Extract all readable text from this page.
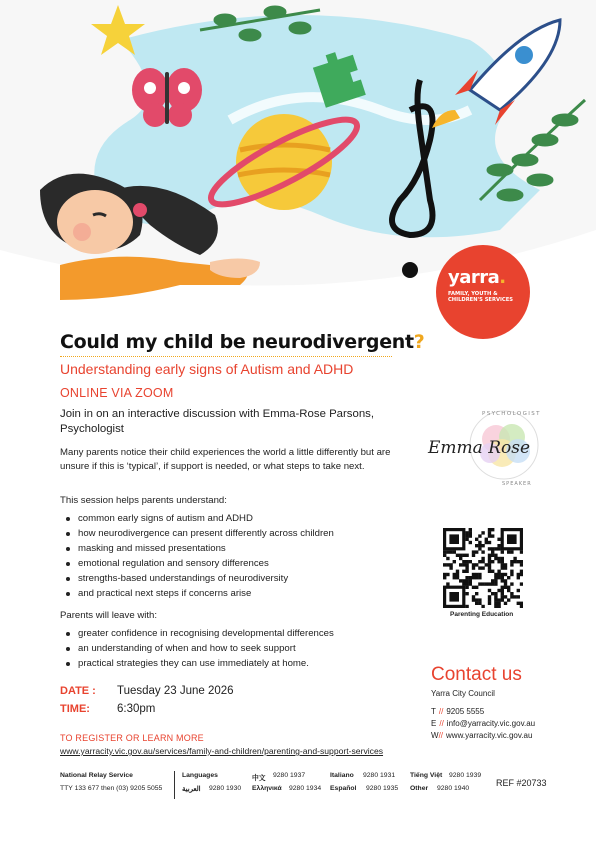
yarra.
FAMILY, YOUTH &
CHILDREN'S SERVICES
Could my child be neurodivergent?
Understanding early signs of Autism and ADHD
ONLINE VIA ZOOM
Join in on an interactive discussion with Emma-Rose Parsons, Psychologist
Many parents notice their child experiences the world a little differently but are unsure if this is ‘typical’, if support is needed, or what steps to take next.
This session helps parents understand:
common early signs of autism and ADHD
how neurodivergence can present differently across children
masking and missed presentations
emotional regulation and sensory differences
strengths-based understandings of neurodiversity
and practical next steps if concerns arise
Parents will leave with:
greater confidence in recognising developmental differences
an understanding of when and how to seek support
practical strategies they can use immediately at home.
DATE : Tuesday 23 June 2026
TIME: 6:30pm
TO REGISTER OR LEARN MORE
www.yarracity.vic.gov.au/services/family-and-children/parenting-and-support-services
Emma Rose
PSYCHOLOGIST
SPEAKER
Parenting Education
Contact us
Yarra City Council
T // 9205 5555
E // info@yarracity.vic.gov.au
W// www.yarracity.vic.gov.au
National Relay Service
TTY 133 677 then (03) 9205 5055
Languages
العربية 9280 1930
中文 9280 1937
Ελληνικά 9280 1934
Italiano 9280 1931
Español 9280 1935
Tiếng Việt 9280 1939
Other 9280 1940
REF #20733
